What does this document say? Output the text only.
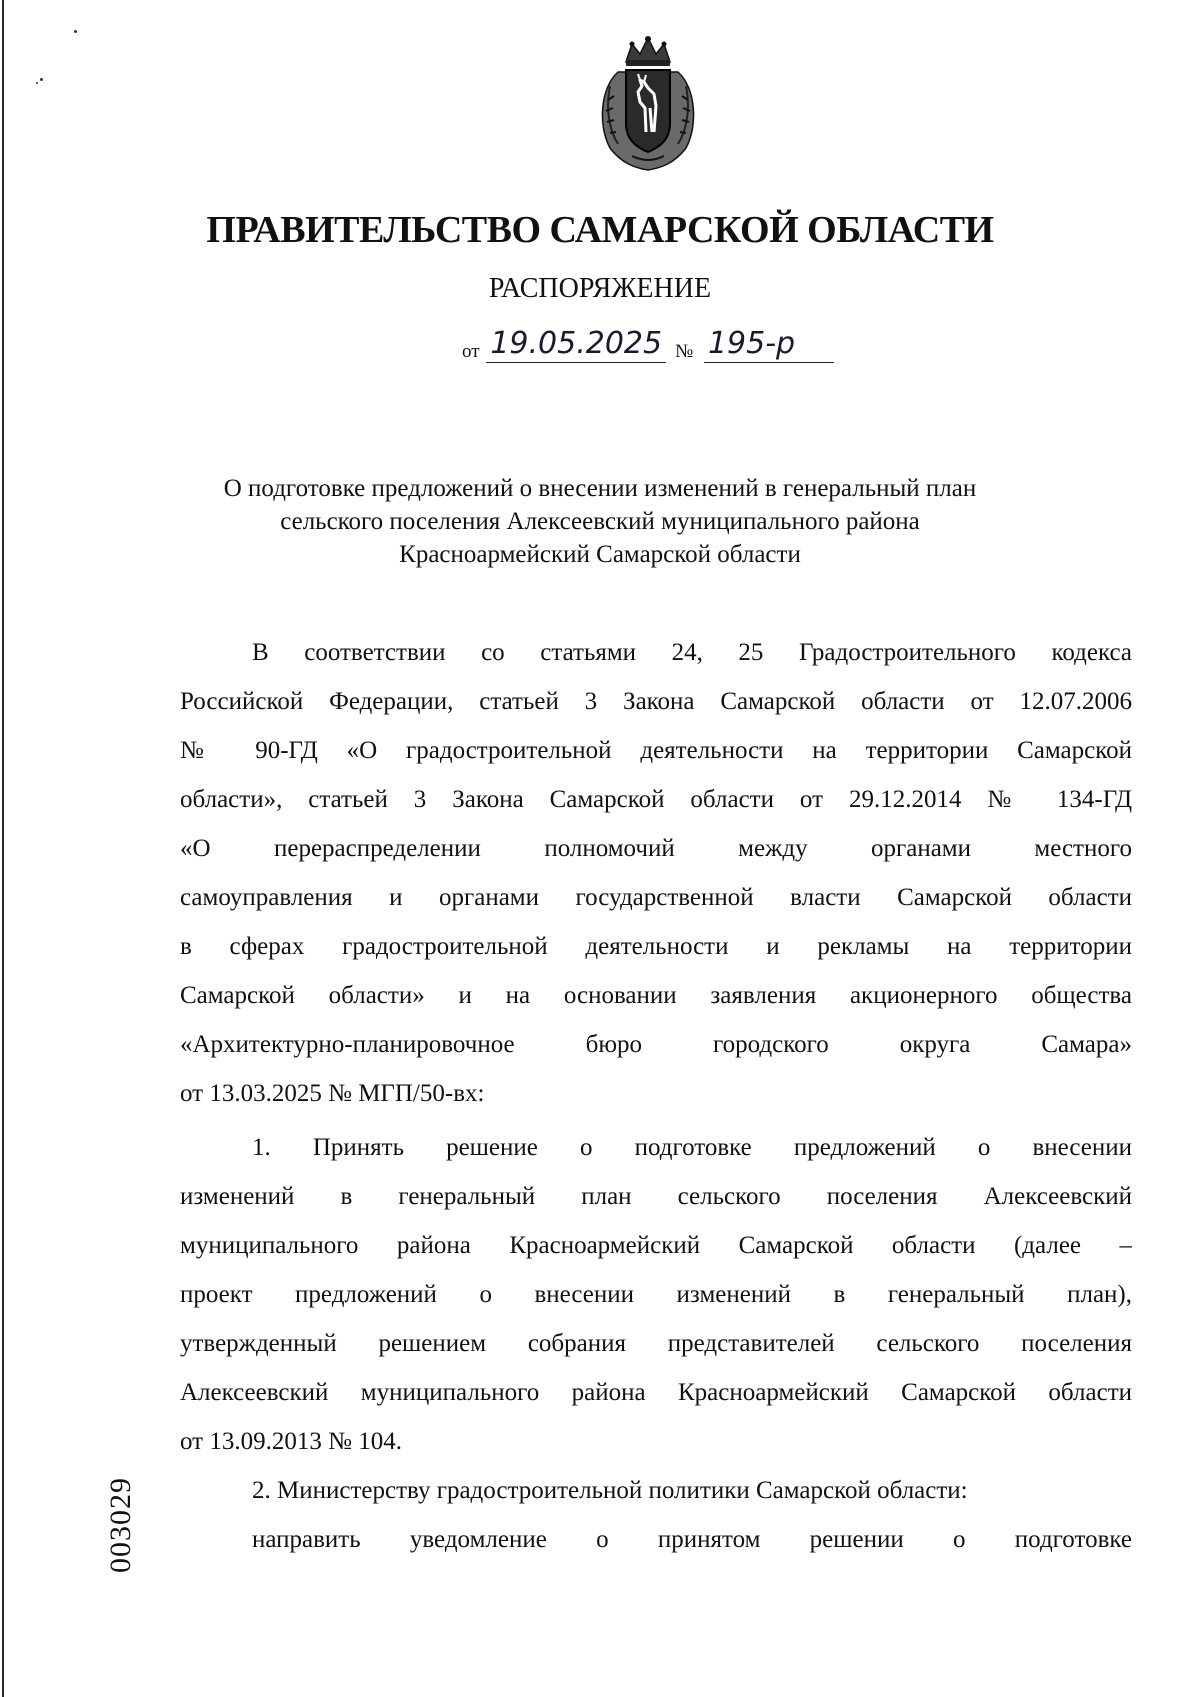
ПРАВИТЕЛЬСТВО САМАРСКОЙ ОБЛАСТИ
РАСПОРЯЖЕНИЕ
от 19.05.2025 № 195-р
О подготовке предложений о внесении изменений в генеральный план
сельского поселения Алексеевский муниципального района
Красноармейский Самарской области
В соответствии со статьями 24, 25 Градостроительного кодекса
Российской Федерации, статьей 3 Закона Самарской области от 12.07.2006
№ 90-ГД «О градостроительной деятельности на территории Самарской
области», статьей 3 Закона Самарской области от 29.12.2014 № 134-ГД
«О перераспределении полномочий между органами местного
самоуправления и органами государственной власти Самарской области
в сферах градостроительной деятельности и рекламы на территории
Самарской области» и на основании заявления акционерного общества
«Архитектурно-планировочное бюро городского округа Самара»
от 13.03.2025 № МГП/50-вх:
1. Принять решение о подготовке предложений о внесении
изменений в генеральный план сельского поселения Алексеевский
муниципального района Красноармейский Самарской области (далее –
проект предложений о внесении изменений в генеральный план),
утвержденный решением собрания представителей сельского поселения
Алексеевский муниципального района Красноармейский Самарской области
от 13.09.2013 № 104.
2. Министерству градостроительной политики Самарской области:
направить уведомление о принятом решении о подготовке
003029
